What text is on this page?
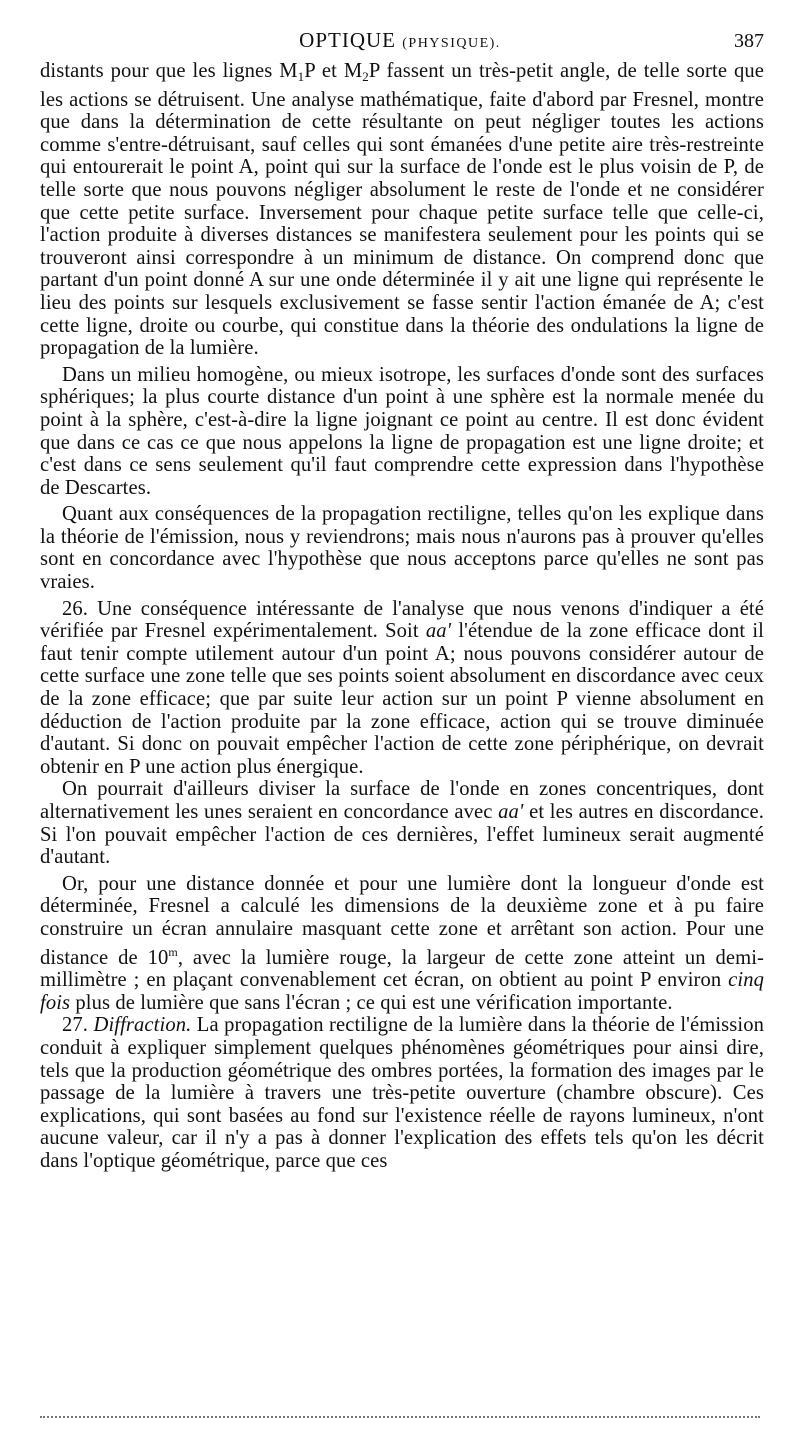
OPTIQUE (PHYSIQUE).	387

distants pour que les lignes $M_1P$ et $M_2P$ fassent un très-petit angle, de telle sorte que les actions se détruisent. Une analyse mathématique, faite d'abord par Fresnel, montre que dans la détermination de cette résultante on peut négliger toutes les actions comme s'entre-détruisant, sauf celles qui sont émanées d'une petite aire très-restreinte qui entourerait le point A, point qui sur la surface de l'onde est le plus voisin de P, de telle sorte que nous pouvons négliger absolument le reste de l'onde et ne considérer que cette petite surface. Inversement pour chaque petite surface telle que celle-ci, l'action produite à diverses distances se manifestera seulement pour les points qui se trouveront ainsi correspondre à un minimum de distance. On comprend donc que partant d'un point donné A sur une onde déterminée il y ait une ligne qui représente le lieu des points sur lesquels exclusivement se fasse sentir l'action émanée de A; c'est cette ligne, droite ou courbe, qui constitue dans la théorie des ondulations la ligne de propagation de la lumière.

Dans un milieu homogène, ou mieux isotrope, les surfaces d'onde sont des surfaces sphériques; la plus courte distance d'un point à une sphère est la normale menée du point à la sphère, c'est-à-dire la ligne joignant ce point au centre. Il est donc évident que dans ce cas ce que nous appelons la ligne de propagation est une ligne droite; et c'est dans ce sens seulement qu'il faut comprendre cette expression dans l'hypothèse de Descartes.

Quant aux conséquences de la propagation rectiligne, telles qu'on les explique dans la théorie de l'émission, nous y reviendrons; mais nous n'aurons pas à prouver qu'elles sont en concordance avec l'hypothèse que nous acceptons parce qu'elles ne sont pas vraies.

26. Une conséquence intéressante de l'analyse que nous venons d'indiquer a été vérifiée par Fresnel expérimentalement. Soit aa' l'étendue de la zone efficace dont il faut tenir compte utilement autour d'un point A; nous pouvons considérer autour de cette surface une zone telle que ses points soient absolument en discordance avec ceux de la zone efficace; que par suite leur action sur un point P vienne absolument en déduction de l'action produite par la zone efficace, action qui se trouve diminuée d'autant. Si donc on pouvait empêcher l'action de cette zone périphérique, on devrait obtenir en P une action plus énergique.

On pourrait d'ailleurs diviser la surface de l'onde en zones concentriques, dont alternativement les unes seraient en concordance avec aa' et les autres en discordance. Si l'on pouvait empêcher l'action de ces dernières, l'effet lumineux serait augmenté d'autant.

Or, pour une distance donnée et pour une lumière dont la longueur d'onde est déterminée, Fresnel a calculé les dimensions de la deuxième zone et à pu faire construire un écran annulaire masquant cette zone et arrêtant son action. Pour une distance de 10$^m$, avec la lumière rouge, la largeur de cette zone atteint un demi-millimètre ; en plaçant convenablement cet écran, on obtient au point P environ cinq fois plus de lumière que sans l'écran ; ce qui est une vérification importante.

27. Diffraction. La propagation rectiligne de la lumière dans la théorie de l'émission conduit à expliquer simplement quelques phénomènes géométriques pour ainsi dire, tels que la production géométrique des ombres portées, la formation des images par le passage de la lumière à travers une très-petite ouverture (chambre obscure). Ces explications, qui sont basées au fond sur l'existence réelle de rayons lumineux, n'ont aucune valeur, car il n'y a pas à donner l'explication des effets tels qu'on les décrit dans l'optique géométrique, parce que ces
